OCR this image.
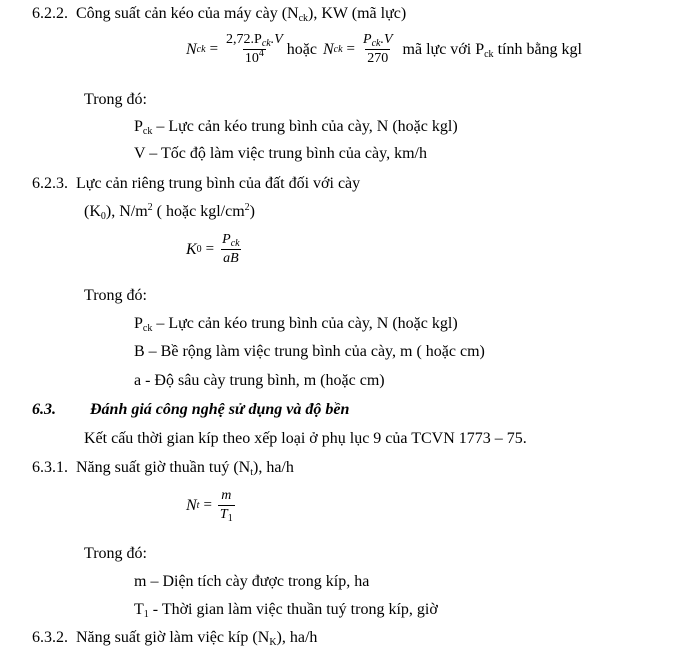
6.2.2. Công suất cản kéo của máy cày $(N_{ck})$, KW (mã lực)
N ck = $\frac{2,72.P_{ck}.V}{10^4}$ hoặc N ck = $\frac{P_{ck}.V}{270}$ mã lực với $P_{ck}$ tính bằng kgl
Trong đó:
$P_{ck}$ – Lực cản kéo trung bình của cày, N (hoặc kgl)
V – Tốc độ làm việc trung bình của cày, km/h
6.2.3. Lực cản riêng trung bình của đất đối với cày
$(K_0)$, $N/m^2$ ( hoặc kgl/$cm^2$)
K $0 = \frac{P_{ck}}{aB}$
Trong đó:
$P_{ck}$ – Lực cản kéo trung bình của cày, N (hoặc kgl)
B – Bề rộng làm việc trung bình của cày, m ( hoặc cm)
a - Độ sâu cày trung bình, m (hoặc cm)
6.3. Đánh giá công nghệ sử dụng và độ bền
Kết cấu thời gian kíp theo xếp loại ở phụ lục 9 của TCVN 1773 – 75.
6.3.1. Năng suất giờ thuần tuý $(N_t)$, ha/h
N $t = \frac{m}{T_1}$
Trong đó:
m – Diện tích cày được trong kíp, ha
$T_1$ - Thời gian làm việc thuần tuý trong kíp, giờ
6.3.2. Năng suất giờ làm việc kíp $(N_K)$, ha/h
